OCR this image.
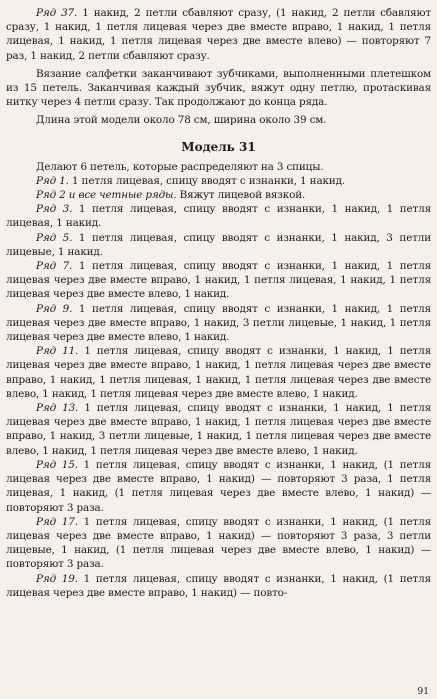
Ряд 37. 1 накид, 2 петли сбавляют сразу, (1 накид, 2 петли сбавляют сразу, 1 накид, 1 петля лицевая через две вместе вправо, 1 накид, 1 петля лицевая, 1 накид, 1 петля лицевая через две вместе влево) — повторяют 7 раз, 1 накид, 2 петли сбавляют сразу.

Вязание салфетки заканчивают зубчиками, выполненными плетешком из 15 петель. Заканчивая каждый зубчик, вяжут одну петлю, протаскивая нитку через 4 петли сразу. Так продолжают до конца ряда.

Длина этой модели около 78 см, ширина около 39 см.

Модель 31

Делают 6 петель, которые распределяют на 3 спицы.

Ряд 1. 1 петля лицевая, спицу вводят с изнанки, 1 накид.

Ряд 2 и все четные ряды. Вяжут лицевой вязкой.

Ряд 3. 1 петля лицевая, спицу вводят с изнанки, 1 накид, 1 петля лицевая, 1 накид.

Ряд 5. 1 петля лицевая, спицу вводят с изнанки, 1 накид, 3 петли лицевые, 1 накид.

Ряд 7. 1 петля лицевая, спицу вводят с изнанки, 1 накид, 1 петля лицевая через две вместе вправо, 1 накид, 1 петля лицевая, 1 накид, 1 петля лицевая через две вместе влево, 1 накид.

Ряд 9. 1 петля лицевая, спицу вводят с изнанки, 1 накид, 1 петля лицевая через две вместе вправо, 1 накид, 3 петли лицевые, 1 накид, 1 петля лицевая через две вместе влево, 1 накид.

Ряд 11. 1 петля лицевая, спицу вводят с изнанки, 1 накид, 1 петля лицевая через две вместе вправо, 1 накид, 1 петля лицевая через две вместе вправо, 1 накид, 1 петля лицевая, 1 накид, 1 петля лицевая через две вместе влево, 1 накид, 1 петля лицевая через две вместе влево, 1 накид.

Ряд 13. 1 петля лицевая, спицу вводят с изнанки, 1 накид, 1 петля лицевая через две вместе вправо, 1 накид, 1 петля лицевая через две вместе вправо, 1 накид, 3 петли лицевые, 1 накид, 1 петля лицевая через две вместе влево, 1 накид, 1 петля лицевая через две вместе влево, 1 накид.

Ряд 15. 1 петля лицевая, спицу вводят с изнанки, 1 накид, (1 петля лицевая через две вместе вправо, 1 накид) — повторяют 3 раза, 1 петля лицевая, 1 накид, (1 петля лицевая через две вместе влево, 1 накид) — повторяют 3 раза.

Ряд 17. 1 петля лицевая, спицу вводят с изнанки, 1 накид, (1 петля лицевая через две вместе вправо, 1 накид) — повторяют 3 раза, 3 петли лицевые, 1 накид, (1 петля лицевая через две вместе влево, 1 накид) — повторяют 3 раза.

Ряд 19. 1 петля лицевая, спицу вводят с изнанки, 1 накид, (1 петля лицевая через две вместе вправо, 1 накид) — повто-

91
